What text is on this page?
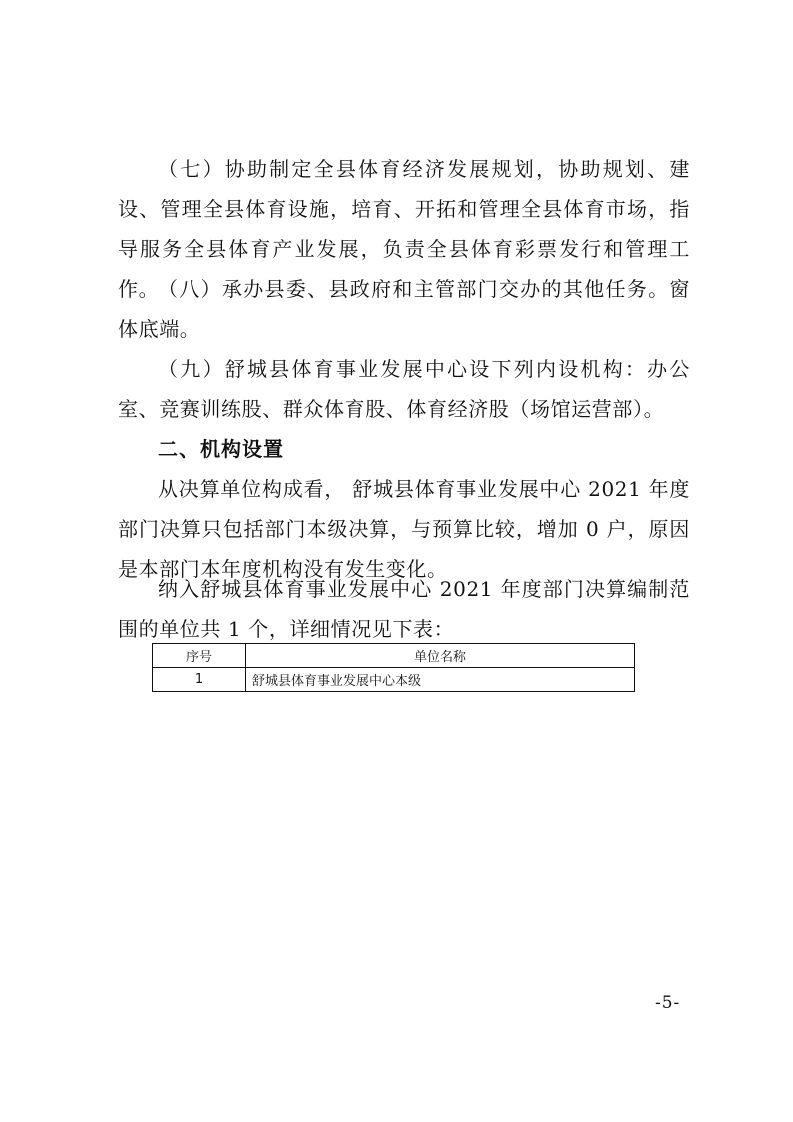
（七）协助制定全县体育经济发展规划，协助规划、建设、管理全县体育设施，培育、开拓和管理全县体育市场，指导服务全县体育产业发展，负责全县体育彩票发行和管理工作。

（八）承办县委、县政府和主管部门交办的其他任务。窗体底端。

（九）舒城县体育事业发展中心设下列内设机构：办公室、竞赛训练股、群众体育股、体育经济股（场馆运营部）。

二、机构设置

从决算单位构成看， 舒城县体育事业发展中心 2021 年度部门决算只包括部门本级决算，与预算比较，增加 0 户，原因是本部门本年度机构没有发生变化。

纳入舒城县体育事业发展中心 2021 年度部门决算编制范围的单位共 1 个，详细情况见下表：

序号	单位名称
1	舒城县体育事业发展中心本级
-5-
